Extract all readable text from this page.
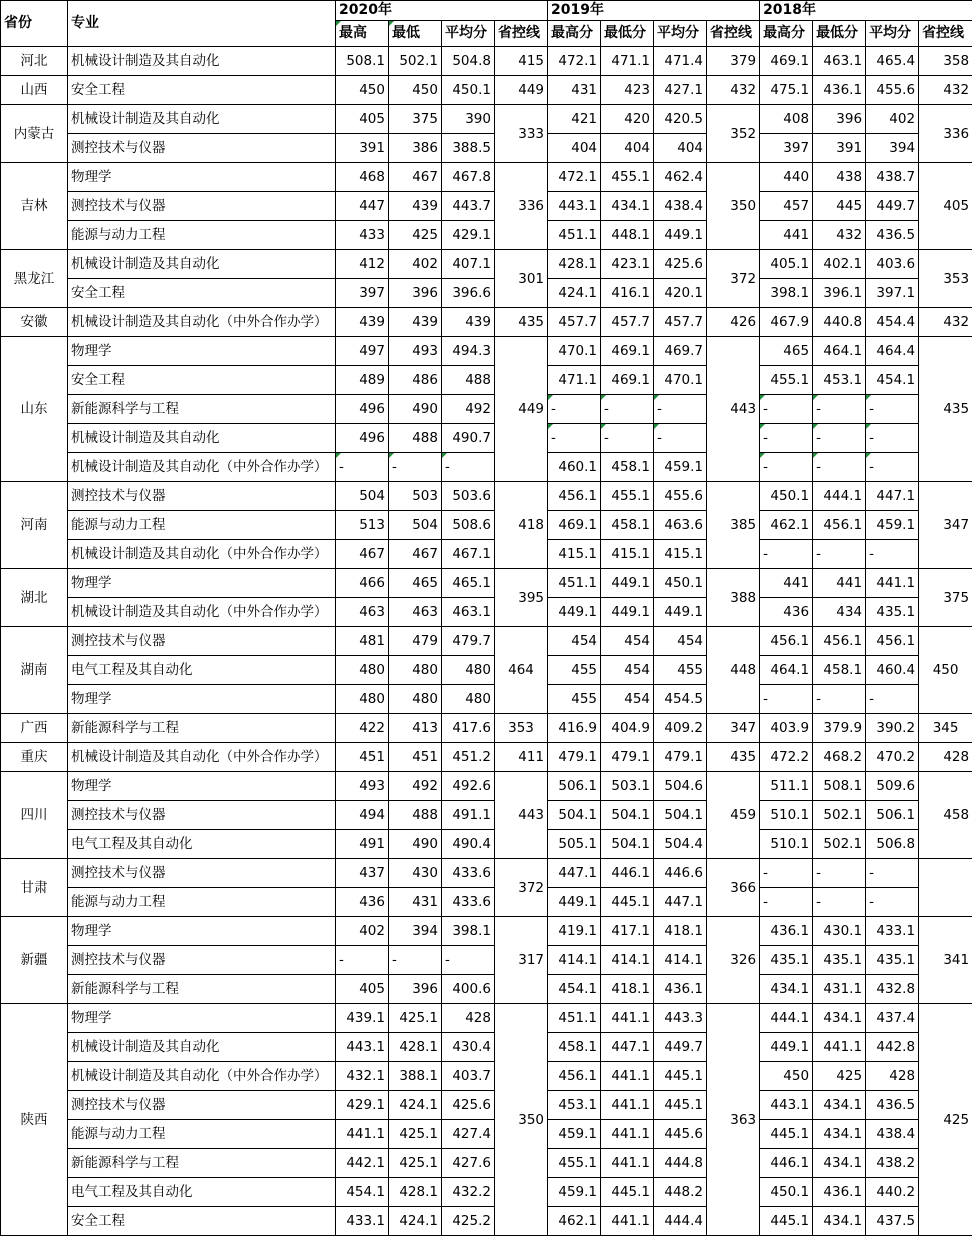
省份	专业	2020年				2019年				2018年			
		最高	最低	平均分	省控线	最高分	最低分	平均分	省控线	最高分	最低分	平均分	省控线
河北	机械设计制造及其自动化	508.1	502.1	504.8	415	472.1	471.1	471.4	379	469.1	463.1	465.4	358
山西	安全工程	450	450	450.1	449	431	423	427.1	432	475.1	436.1	455.6	432
内蒙古	机械设计制造及其自动化	405	375	390	333	421	420	420.5	352	408	396	402	336
	测控技术与仪器	391	386	388.5		404	404	404		397	391	394	
吉林	物理学	468	467	467.8	336	472.1	455.1	462.4	350	440	438	438.7	405
	测控技术与仪器	447	439	443.7		443.1	434.1	438.4		457	445	449.7	
	能源与动力工程	433	425	429.1		451.1	448.1	449.1		441	432	436.5	
黑龙江	机械设计制造及其自动化	412	402	407.1	301	428.1	423.1	425.6	372	405.1	402.1	403.6	353
	安全工程	397	396	396.6		424.1	416.1	420.1		398.1	396.1	397.1	
安徽	机械设计制造及其自动化（中外合作办学）	439	439	439	435	457.7	457.7	457.7	426	467.9	440.8	454.4	432
山东	物理学	497	493	494.3	449	470.1	469.1	469.7	443	465	464.1	464.4	435
	安全工程	489	486	488		471.1	469.1	470.1		455.1	453.1	454.1	
	新能源科学与工程	496	490	492		-	-	-		-	-	-	
	机械设计制造及其自动化	496	488	490.7		-	-	-		-	-	-	
	机械设计制造及其自动化（中外合作办学）	-	-	-		460.1	458.1	459.1		-	-	-	
河南	测控技术与仪器	504	503	503.6	418	456.1	455.1	455.6	385	450.1	444.1	447.1	347
	能源与动力工程	513	504	508.6		469.1	458.1	463.6		462.1	456.1	459.1	
	机械设计制造及其自动化（中外合作办学）	467	467	467.1		415.1	415.1	415.1		-	-	-	
湖北	物理学	466	465	465.1	395	451.1	449.1	450.1	388	441	441	441.1	375
	机械设计制造及其自动化（中外合作办学）	463	463	463.1		449.1	449.1	449.1		436	434	435.1	
湖南	测控技术与仪器	481	479	479.7	464	454	454	454	448	456.1	456.1	456.1	450
	电气工程及其自动化	480	480	480		455	454	455		464.1	458.1	460.4	
	物理学	480	480	480		455	454	454.5		-	-	-	
广西	新能源科学与工程	422	413	417.6	353	416.9	404.9	409.2	347	403.9	379.9	390.2	345
重庆	机械设计制造及其自动化（中外合作办学）	451	451	451.2	411	479.1	479.1	479.1	435	472.2	468.2	470.2	428
四川	物理学	493	492	492.6	443	506.1	503.1	504.6	459	511.1	508.1	509.6	458
	测控技术与仪器	494	488	491.1		504.1	504.1	504.1		510.1	502.1	506.1	
	电气工程及其自动化	491	490	490.4		505.1	504.1	504.4		510.1	502.1	506.8	
甘肃	测控技术与仪器	437	430	433.6	372	447.1	446.1	446.6	366	-	-	-	
	能源与动力工程	436	431	433.6		449.1	445.1	447.1		-	-	-	
新疆	物理学	402	394	398.1	317	419.1	417.1	418.1	326	436.1	430.1	433.1	341
	测控技术与仪器	-	-	-		414.1	414.1	414.1		435.1	435.1	435.1	
	新能源科学与工程	405	396	400.6		454.1	418.1	436.1		434.1	431.1	432.8	
陕西	物理学	439.1	425.1	428	350	451.1	441.1	443.3	363	444.1	434.1	437.4	425
	机械设计制造及其自动化	443.1	428.1	430.4		458.1	447.1	449.7		449.1	441.1	442.8	
	机械设计制造及其自动化（中外合作办学）	432.1	388.1	403.7		456.1	441.1	445.1		450	425	428	
	测控技术与仪器	429.1	424.1	425.6		453.1	441.1	445.1		443.1	434.1	436.5	
	能源与动力工程	441.1	425.1	427.4		459.1	441.1	445.6		445.1	434.1	438.4	
	新能源科学与工程	442.1	425.1	427.6		455.1	441.1	444.8		446.1	434.1	438.2	
	电气工程及其自动化	454.1	428.1	432.2		459.1	445.1	448.2		450.1	436.1	440.2	
	安全工程	433.1	424.1	425.2		462.1	441.1	444.4		445.1	434.1	437.5	
